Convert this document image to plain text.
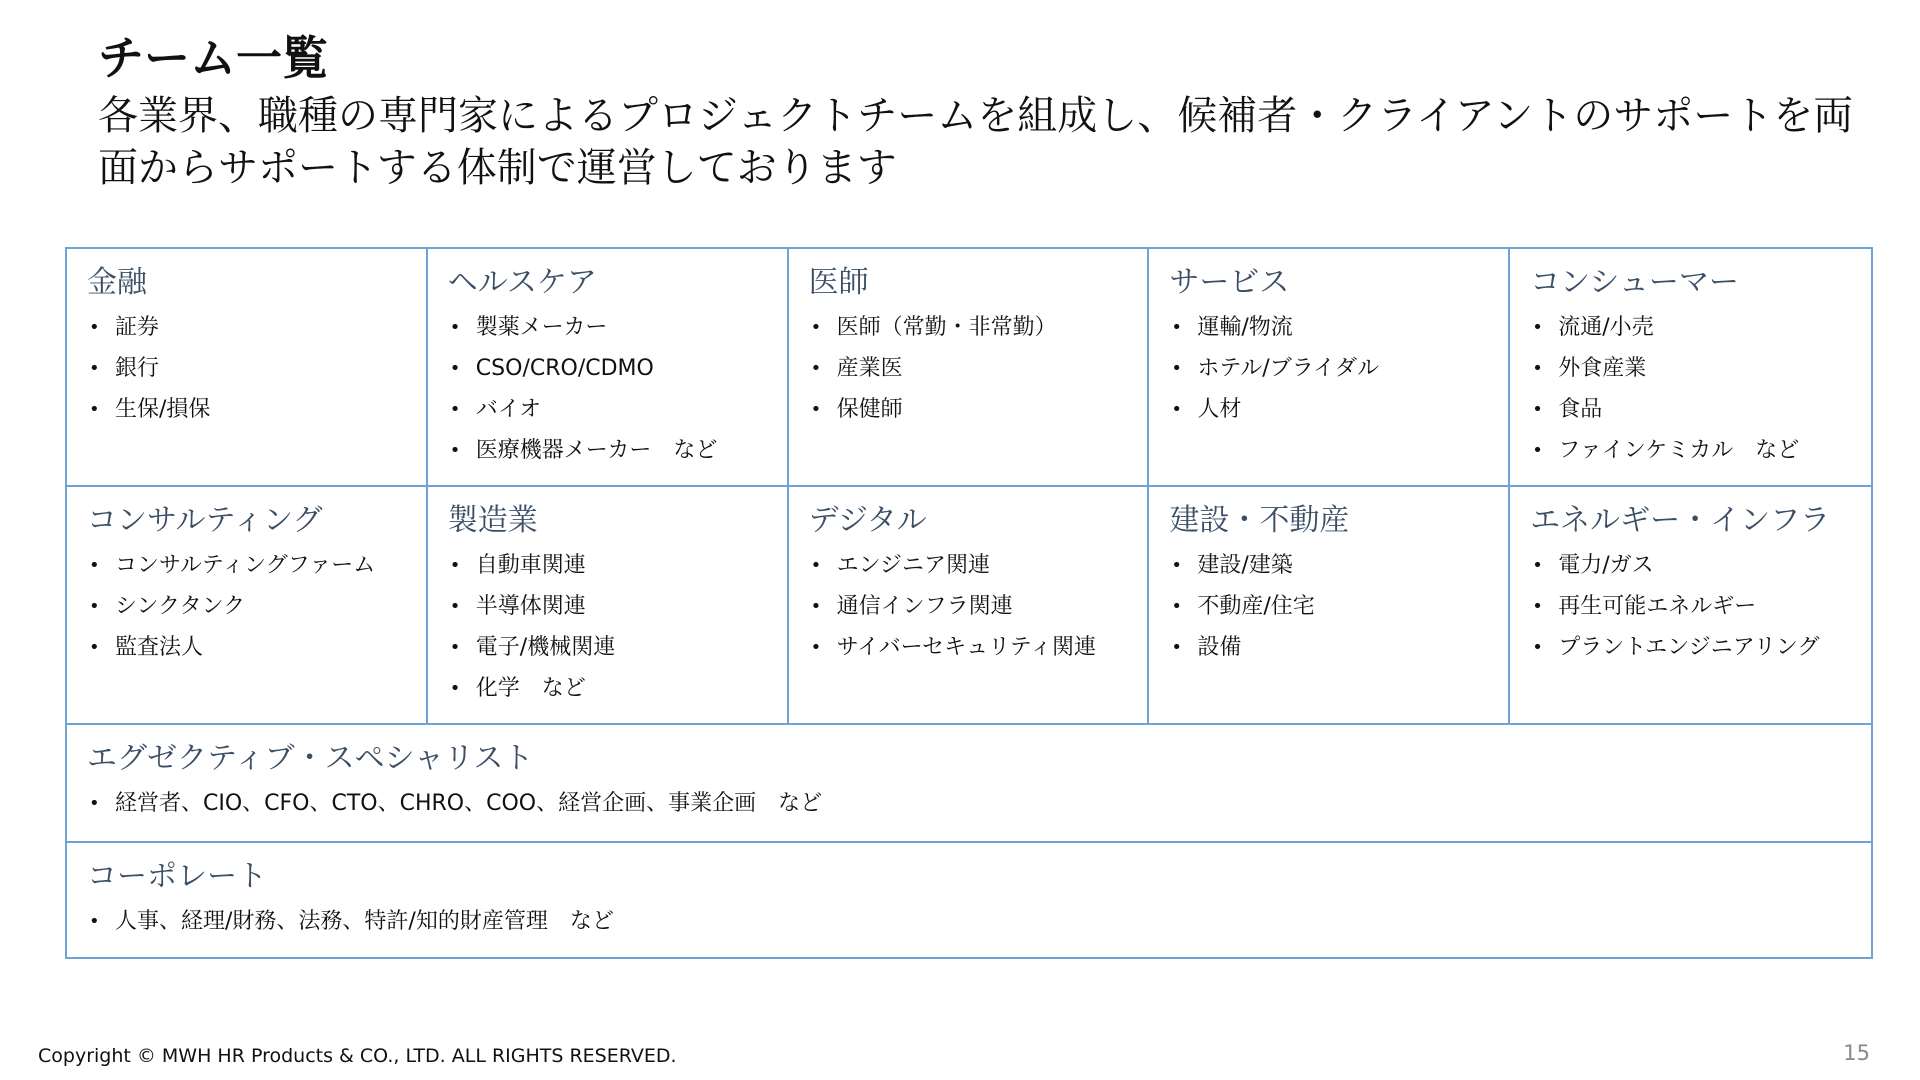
チーム一覧

各業界、職種の専門家によるプロジェクトチームを組成し、候補者・クライアントのサポートを両面からサポートする体制で運営しております

金融
• 証券
• 銀行
• 生保/損保
ヘルスケア
• 製薬メーカー
• CSO/CRO/CDMO
• バイオ
• 医療機器メーカー　など
医師
• 医師（常勤・非常勤）
• 産業医
• 保健師
サービス
• 運輸/物流
• ホテル/ブライダル
• 人材
コンシューマー
• 流通/小売
• 外食産業
• 食品
• ファインケミカル　など
コンサルティング
• コンサルティングファーム
• シンクタンク
• 監査法人
製造業
• 自動車関連
• 半導体関連
• 電子/機械関連
• 化学　など
デジタル
• エンジニア関連
• 通信インフラ関連
• サイバーセキュリティ関連
建設・不動産
• 建設/建築
• 不動産/住宅
• 設備
エネルギー・インフラ
• 電力/ガス
• 再生可能エネルギー
• プラントエンジニアリング
エグゼクティブ・スペシャリスト
• 経営者、CIO、CFO、CTO、CHRO、COO、経営企画、事業企画　など
コーポレート
• 人事、経理/財務、法務、特許/知的財産管理　など
Copyright © MWH HR Products & CO., LTD. ALL RIGHTS RESERVED.	15
